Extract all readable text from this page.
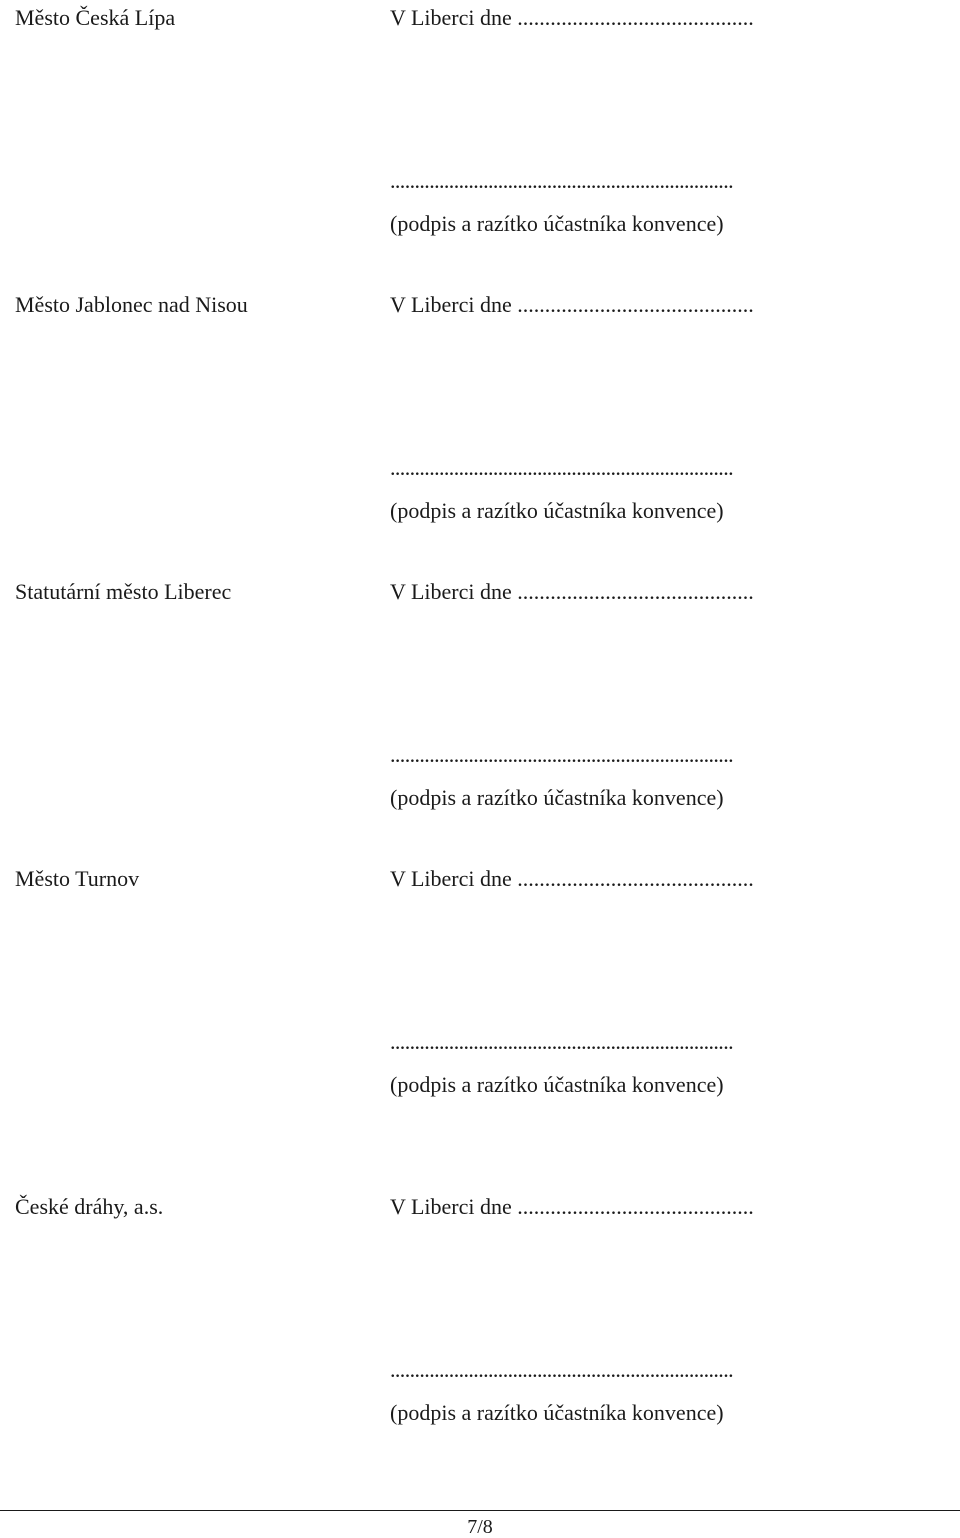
Město Česká Lípa	V Liberci dne ...........................................
......................................................................
(podpis a razítko účastníka konvence)
Město Jablonec nad Nisou	V Liberci dne ...........................................
......................................................................
(podpis a razítko účastníka konvence)
Statutární město Liberec	V Liberci dne ...........................................
......................................................................
(podpis a razítko účastníka konvence)
Město Turnov	V Liberci dne ...........................................
......................................................................
(podpis a razítko účastníka konvence)
České dráhy, a.s.	V Liberci dne ...........................................
......................................................................
(podpis a razítko účastníka konvence)
7/8
